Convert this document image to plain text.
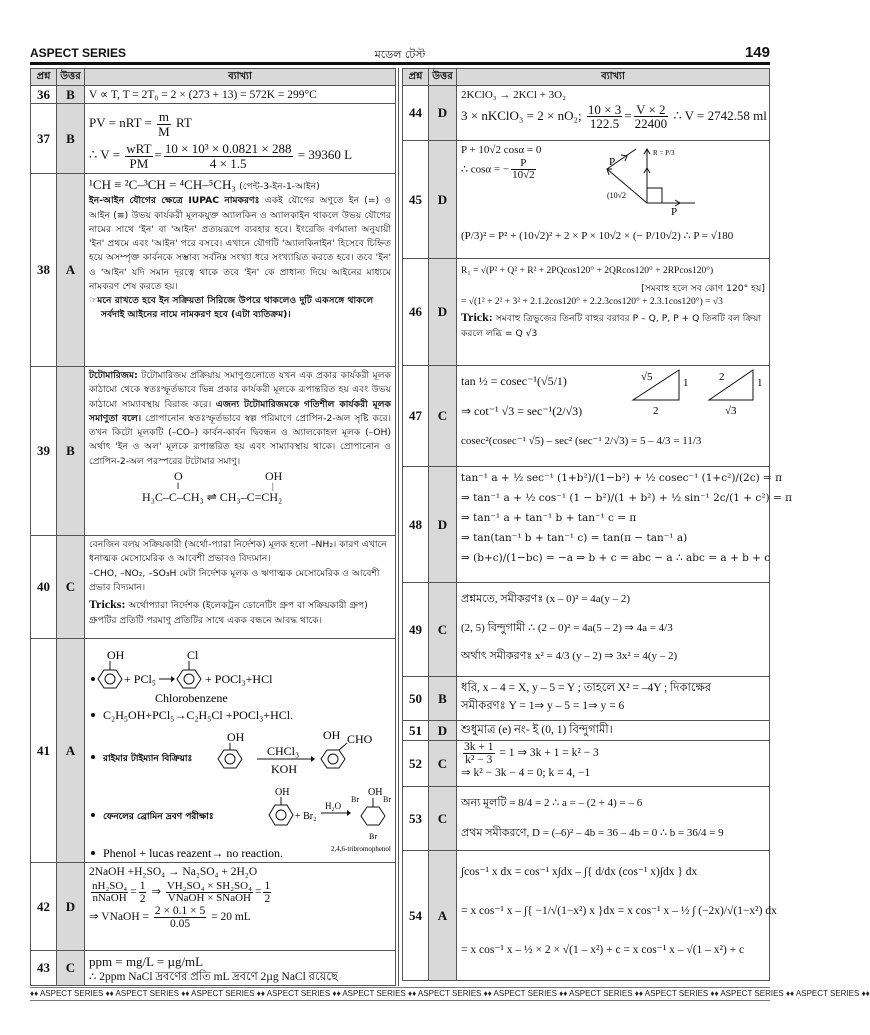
ASPECT SERIES	মডেল টেস্ট	149
প্রশ্ন উত্তর	ব্যাখ্যা
36	B	V ∝ T, T = 2T₀ = 2 × (273 + 13) = 572K = 299°C
37	B
PV = nRT = $\frac{m}{M}$ RT
∴ $V = \frac{\text{wRT}}{PM} = \frac{\text{10 × 10³ × 0.0821 × 288}}{4 \times 1.5} = 39360$ L
38	A
¹CH ≡ ²C–³CH = ⁴CH–⁵CH₃ (পেন্ট-3-ইন-1-আইন)
ইন-আইন যৌগের ক্ষেত্রে IUPAC নামকরণঃ একই যৌগের অণুতে ইন (=) ও আইন (≡) উভয় কার্যকরী মূলকযুক্ত অ্যালকিন ও অ্যালকাইন থাকলে উভয় যৌগের নামের সাথে 'ইন' বা 'আইন' প্রত্যয়রূপে ব্যবহার হবে। ইংরেজি বর্ণমালা অনুযায়ী 'ইন' প্রথমে এবং 'আইন' পরে বসবে। এখানে যৌগটি 'অ্যালকিনাইন' হিসেবে চিহ্নিত হয়ে অসম্পৃক্ত কার্বনকে সম্ভাব্য সর্বনিম্ন সংখ্যা ধরে সংখ্যায়িত করতে হবে। তবে 'ইন' ও 'আইন' যদি সমান দূরত্বে থাকে তবে 'ইন' কে প্রাধান্য দিয়ে আইনের মাধ্যমে নামকরণ শেষ করতে হয়।
☞মনে রাখতে হবে ইন সক্রিয়তা সিরিজে উপরে থাকলেও দুটি একসঙ্গে থাকলে সর্বদাই আইনের নামে নামকরণ হবে (এটা ব্যতিক্রম)।
39	B
টটোমারিজম: টটোমারিজম প্রক্রিয়ায় সমাণুগুলোতে যখন এক প্রকার কার্যকরী মূলক কাঠামো থেকে স্বতঃস্ফূর্তভাবে ভিন্ন প্রকার কার্যকরী মূলকে রূপান্তরিত হয় এবং উভয় কাঠামো সাম্যাবস্থায় বিরাজ করে। এজন্য টটোমারিজমকে গতিশীল কার্যকরী মূলক সমাণুতা বলে। প্রোপানোন স্বতঃস্ফূর্তভাবে স্বল্প পরিমাণে প্রোপিন-2-অল সৃষ্টি করে। তখন কিটো মূলকটি (–CO–) কার্বন-কার্বন দ্বিবন্ধন ও অ্যালকোহল মূলক (–OH) অর্থাৎ 'ইন ও অল' মূলকে রূপান্তরিত হয় এবং সাম্যাবস্থায় থাকে। প্রোপানোন ও প্রোপিন-2-অল পরস্পরের টটোমার সমাণু।
O
‖
OH
|
H₃C–C–CH₃ ⇌ CH₃–C=CH₂
40	C
বেনজিন বলয় সক্রিয়কারী (অর্থো-প্যারা নির্দেশক) মূলক হলো –NH₂। কারণ এখানে ধনাত্মক মেসোমেরিক ও আবেশী প্রভাবও বিদ্যমান।
–CHO, –NO₂, –SO₃H মেটা নির্দেশক মূলক ও ঋণাত্মক মেসোমেরিক ও আবেশী প্রভাব বিদ্যমান।
Tricks: অর্থোপ্যারা নির্দেশক (ইলেকট্রন ডোনেটিং গ্রুপ বা সক্রিয়কারী গ্রুপ) গ্রুপটির প্রতিটি পরমাণু প্রতিটির সাথে একক বন্ধনে আবদ্ধ থাকে।
41	A
OH
+ PCl₅
Cl
+ POCl₃+HCl
Chlorobenzene
C₂H₅OH+PCl₅→C₂H₅Cl +POCl₃+HCl.
রাইমার টাইম্যান বিক্রিয়াঃ
OH
CHCl₃
KOH
OH CHO
ফেনলের ব্রোমিন দ্রবণ পরীক্ষাঃ
OH
+ Br₂
H₂O
OH
Br	Br
Br
2,4,6-tribromophenol
Phenol + lucas reazent→ no reaction.
42	D
2NaOH +H₂SO₄ → Na₂SO₄ + 2H₂O
$\frac{\text{nH₂SO₄}}{\text{nNaOH}} = \frac{1}{2}$ ⇒ $\frac{\text{VH₂SO₄ × SH₂SO₄}}{\text{VNaOH × SNaOH}} = \frac{1}{2}$
⇒ VNaOH = $\frac{2 \times 0.1 \times 5}{0.05} = 20$ mL
43	C	ppm = mg/L = µg/mL
∴ 2ppm NaCl দ্রবণের প্রতি mL দ্রবণে 2µg NaCl রয়েছে
প্রশ্ন উত্তর	ব্যাখ্যা
44	D
2KClO₃ → 2KCl + 3O₂
3 × nKClO₃ = 2 × nO₂; $\frac{10 \times 3}{122.5} = \frac{V \times 2}{22400}$ ∴ V = 2742.58 ml
45	D
P + 10√2 cosα = 0
∴ cosα = − $\frac{P}{10√2}$	P
R = P/3
(10√2
P
(P/3)² = P² + (10√2)² + 2 × P × 10√2 × (− P/10√2) ∴ P = √180
46	D
R₁ = √(P² + Q² + R² + 2PQcos120° + 2QRcos120° + 2RPcos120°)
[সমবাহু হলে সব কোণ 120° হয়]
= √(1² + 2² + 3² + 2.1.2cos120° + 2.2.3cos120° + 2.3.1cos120°) = √3
Trick: সমবাহু ত্রিভুজের তিনটি বাহুর বরাবর P – Q, P, P + Q তিনটি বল ক্রিয়া করলে লব্ধি = Q √3
47	C
tan ½ = cosec⁻¹(√5/1)
⇒ cot⁻¹ √3 = sec⁻¹(2/√3)
cosec²(cosec⁻¹ √5) – sec² (sec⁻¹ 2/√3) = 5 – 4/3 = 11/3
√5	1
2
2	1
√3
48	D
tan⁻¹ a + ½ sec⁻¹ (1+b²)/(1−b²) + ½ cosec⁻¹ (1+c²)/(2c) = π
⇒ tan⁻¹ a + ½ cos⁻¹ (1 − b²)/(1 + b²) + ½ sin⁻¹ 2c/(1 + c²) = π
⇒ tan⁻¹ a + tan⁻¹ b + tan⁻¹ c = π
⇒ tan(tan⁻¹ b + tan⁻¹ c) = tan(π − tan⁻¹ a)
⇒ (b+c)/(1−bc) = −a ⇒ b + c = abc − a ∴ abc = a + b + c
49	C
প্রশ্নমতে, সমীকরণঃ (x – 0)² = 4a(y – 2)
(2, 5) বিন্দুগামী ∴ (2 – 0)² = 4a(5 – 2) ⇒ 4a = 4/3
অর্থাৎ সমীকরণঃ x² = 4/3 (y – 2) ⇒ 3x² = 4(y – 2)
50	B
ধরি, x – 4 = X, y – 5 = Y ; তাহলে X² = –4Y ; দিকাক্ষের
সমীকরণঃ Y = 1⇒ y – 5 = 1⇒ y = 6
51	D	শুধুমাত্র (e) নং- ই (0, 1) বিন্দুগামী।
52	C	$\frac{3k + 1}{\text{k² − 3}} = 1$ ⇒ 3k + 1 = k² − 3
⇒ k² − 3k − 4 = 0; k = 4, −1
53	C
অন্য মূলটি = 8/4 = 2 ∴ a = – (2 + 4) = – 6
প্রথম সমীকরণে, D = (–6)² – 4b = 36 – 4b = 0 ∴ b = 36/4 = 9
54	A
∫cos⁻¹ x dx = cos⁻¹ x∫dx – ∫{ d/dx (cos⁻¹ x)∫dx } dx
= x cos⁻¹ x – ∫{ −1/√(1−x²) x }dx = x cos⁻¹ x – ½ ∫ (−2x)/√(1−x²) dx
= x cos⁻¹ x – ½ × 2 × √(1 – x²) + c = x cos⁻¹ x – √(1 – x²) + c
♦♦ ASPECT SERIES ♦♦ ASPECT SERIES ♦♦ ASPECT SERIES ♦♦ ASPECT SERIES ♦♦ ASPECT SERIES ♦♦ ASPECT SERIES ♦♦ ASPECT SERIES ♦♦ ASPECT SERIES ♦♦ ASPECT SERIES ♦♦ ASPECT SERIES ♦♦ ASPECT SERIES ♦♦
